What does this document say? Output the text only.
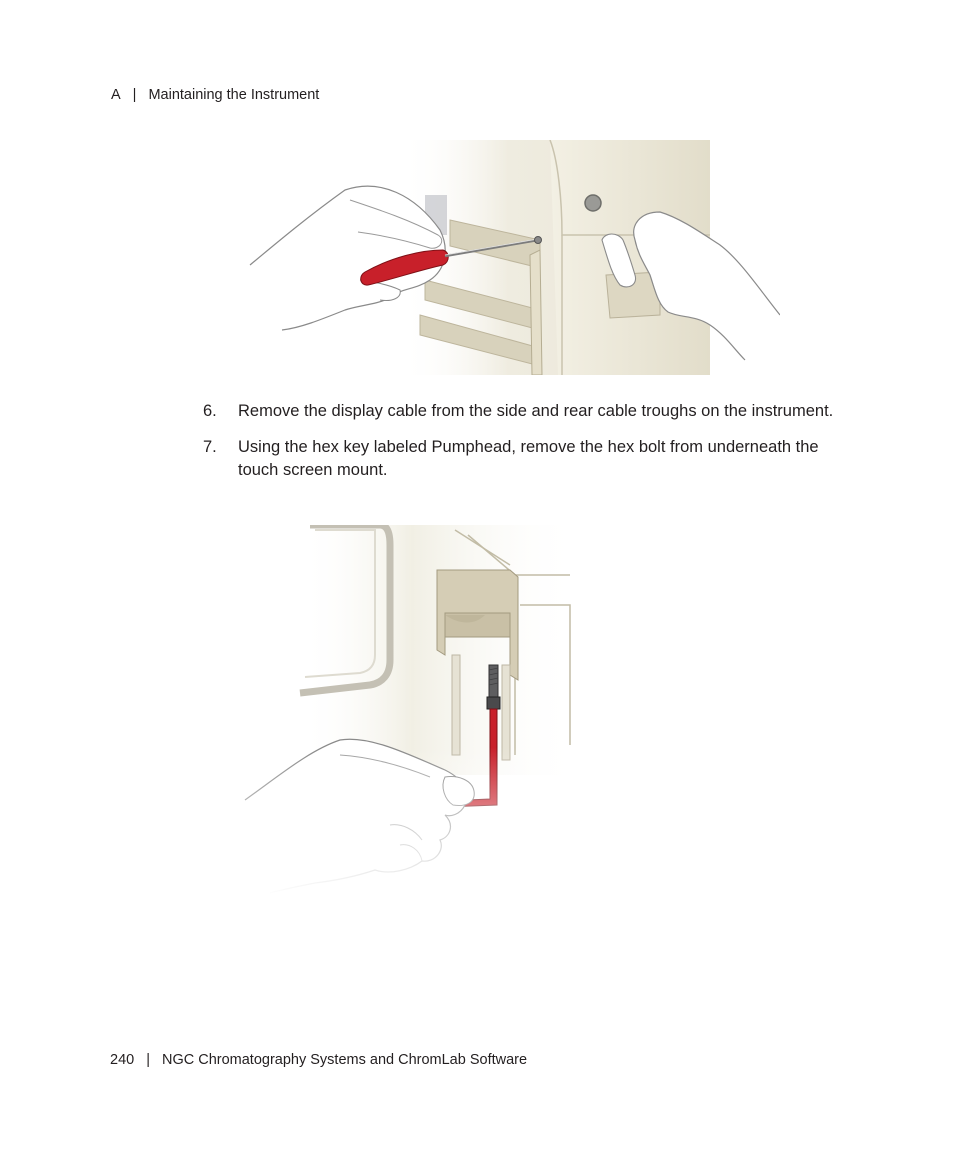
A | Maintaining the Instrument
6. Remove the display cable from the side and rear cable troughs on the instrument.
7. Using the hex key labeled Pumphead, remove the hex bolt from underneath the touch screen mount.
240 | NGC Chromatography Systems and ChromLab Software
